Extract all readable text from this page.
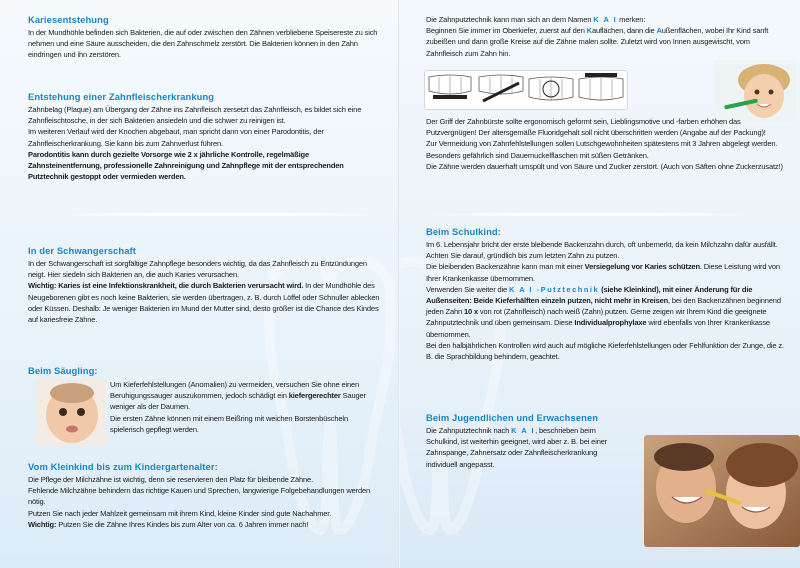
Kariesentstehung

In der Mundhöhle befinden sich Bakterien, die auf oder zwischen den Zähnen verbliebene Speisereste zu sich nehmen und eine Säure ausscheiden, die den Zahnschmelz zerstört. Die Bakterien können in den Zahn eindringen und ihn zerstören.

Entstehung einer Zahnfleischerkrankung

Zahnbelag (Plaque) am Übergang der Zähne ins Zahnfleisch zersetzt das Zahnfleisch, es bildet sich eine Zahnfleischtosche, in der sich Bakterien ansiedeln und die schwer zu reinigen ist.

Im weiteren Verlauf wird der Knochen abgebaut, man spricht dann von einer Parodontitis, der Zahnfleischerkrankung. Sie kann bis zum Zahnverlust führen.

Parodontitis kann durch gezielte Vorsorge wie 2 x jährliche Kontrolle, regelmäßige Zahnsteinentfernung, professionelle Zahnreinigung und Zahnpflege mit der entsprechenden Putztechnik gestoppt oder vermieden werden.

In der Schwangerschaft

In der Schwangerschaft ist sorgfältige Zahnpflege besonders wichtig, da das Zahnfleisch zu Entzündungen neigt. Hier siedeln sich Bakterien an, die auch Karies verursachen.

Wichtig: Karies ist eine Infektionskrankheit, die durch Bakterien verursacht wird. In der Mundhöhle des Neugeborenen gibt es noch keine Bakterien, sie werden übertragen, z. B. durch Löffel oder Schnuller ablecken oder Küssen. Deshalb: Je weniger Bakterien im Mund der Mutter sind, desto größer ist die Chance des Kindes auf kariesfreie Zähne.

Beim Säugling:

Um Kieferfehlstellungen (Anomalien) zu vermeiden, versuchen Sie ohne einen Beruhigungssauger auszukommen, jedoch schädigt ein kiefergerechter Sauger weniger als der Daumen.

Die ersten Zähne können mit einem Beißring mit weichen Borstenbüscheln spielerisch gepflegt werden.

Vom Kleinkind bis zum Kindergartenalter:

Die Pflege der Milchzähne ist wichtig, denn sie reservieren den Platz für bleibende Zähne.

Fehlende Milchzähne behindern das richtige Kauen und Sprechen, langwierige Folgebehandlungen werden nötig.

Putzen Sie nach jeder Mahlzeit gemeinsam mit ihrem Kind, kleine Kinder sind gute Nachahmer.

Wichtig: Putzen Sie die Zähne Ihres Kindes bis zum Alter von ca. 6 Jahren immer nach!

Die Zahnputztechnik kann man sich an dem Namen K A I merken:

Beginnen Sie immer im Oberkiefer, zuerst auf den Kauflächen, dann die Außenflächen, wobei Ihr Kind sanft zubeißen und dann große Kreise auf die Zähne malen sollte. Zuletzt wird von Innen ausgewischt, vom Zahnfleisch zum Zahn hin.

Der Griff der Zahnbürste sollte ergonomisch geformt sein, Lieblingsmotive und -farben erhöhen das Putzvergnügen! Der altersgemäße Fluoridgehalt soll nicht überschritten werden (Angabe auf der Packung)!

Zur Vermeidung von Zahnfehlstellungen sollen Lutschgewohnheiten spätestens mit 3 Jahren abgelegt werden. Besonders gefährlich sind Dauernuckelflaschen mit süßen Getränken.

Die Zähne werden dauerhaft umspült und von Säure und Zucker zerstört. (Auch von Säften ohne Zuckerzusatz!)

Beim Schulkind:

Im 6. Lebensjahr bricht der erste bleibende Backenzahn durch, oft unbemerkt, da kein Milchzahn dafür ausfällt. Achten Sie darauf, gründlich bis zum letzten Zahn zu putzen.

Die bleibenden Backenzähne kann man mit einer Versiegelung vor Karies schützen. Diese Leistung wird von Ihrer Krankenkasse übernommen.

Verwenden Sie weiter die K A I -Putztechnik (siehe Kleinkind), mit einer Änderung für die Außenseiten: Beide Kieferhälften einzeln putzen, nicht mehr in Kreisen, bei den Backenzähnen beginnend jeden Zahn 10 x von rot (Zahnfleisch) nach weiß (Zahn) putzen. Gerne zeigen wir Ihrem Kind die geeignete Zahnputztechnik und üben gemeinsam. Diese Individualprophylaxe wird ebenfalls von Ihrer Krankenkasse übernommen.

Bei den halbjährlichen Kontrollen wird auch auf mögliche Kieferfehlstellungen oder Fehlfunktion der Zunge, die z. B. die Sprachbildung behindern, geachtet.

Beim Jugendlichen und Erwachsenen

Die Zahnputztechnik nach K A I, beschrieben beim Schulkind, ist weiterhin geeignet, wird aber z. B. bei einer Zahnspange, Zahnersatz oder Zahnfleischerkrankung individuell angepasst.
